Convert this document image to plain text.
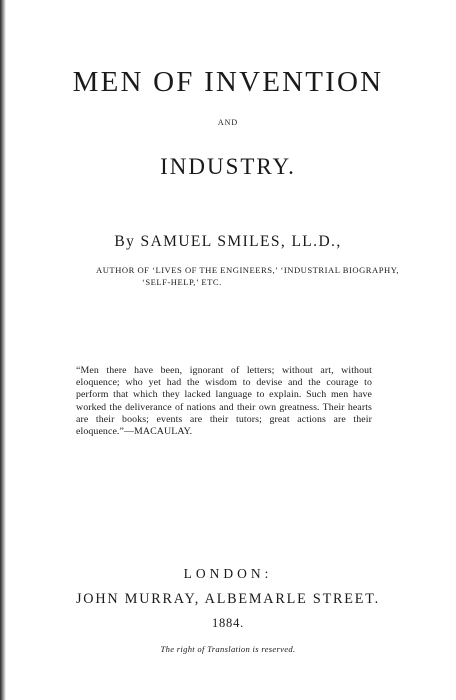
MEN OF INVENTION
AND
INDUSTRY.
By SAMUEL SMILES, LL.D.,
AUTHOR OF ‘LIVES OF THE ENGINEERS,’ ‘INDUSTRIAL BIOGRAPHY,
‘SELF-HELP,’ ETC.
“Men there have been, ignorant of letters; without art, without eloquence; who yet had the wisdom to devise and the courage to perform that which they lacked language to explain. Such men have worked the deliverance of nations and their own greatness. Their hearts are their books; events are their tutors; great actions are their eloquence.”—MACAULAY.
LONDON:
JOHN MURRAY, ALBEMARLE STREET.
1884.
The right of Translation is reserved.
